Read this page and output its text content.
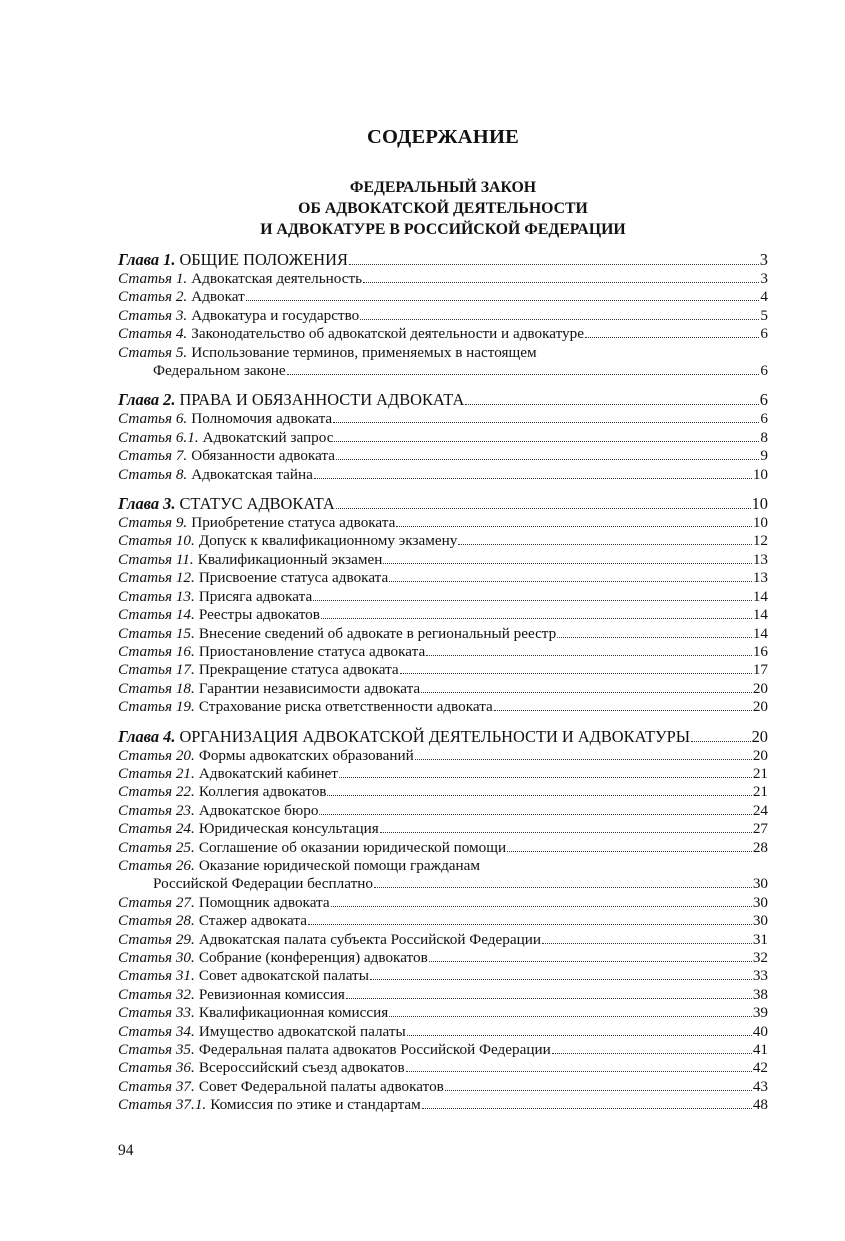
СОДЕРЖАНИЕ
ФЕДЕРАЛЬНЫЙ ЗАКОН
ОБ АДВОКАТСКОЙ ДЕЯТЕЛЬНОСТИ
И АДВОКАТУРЕ В РОССИЙСКОЙ ФЕДЕРАЦИИ
Глава 1. ОБЩИЕ ПОЛОЖЕНИЯ	3
Статья 1. Адвокатская деятельность	3
Статья 2. Адвокат	4
Статья 3. Адвокатура и государство	5
Статья 4. Законодательство об адвокатской деятельности и адвокатуре	6
Статья 5. Использование терминов, применяемых в настоящем
Федеральном законе	6
Глава 2. ПРАВА И ОБЯЗАННОСТИ АДВОКАТА	6
Статья 6. Полномочия адвоката	6
Статья 6.1. Адвокатский запрос	8
Статья 7. Обязанности адвоката	9
Статья 8. Адвокатская тайна	10
Глава 3. СТАТУС АДВОКАТА	10
Статья 9. Приобретение статуса адвоката	10
Статья 10. Допуск к квалификационному экзамену	12
Статья 11. Квалификационный экзамен	13
Статья 12. Присвоение статуса адвоката	13
Статья 13. Присяга адвоката	14
Статья 14. Реестры адвокатов	14
Статья 15. Внесение сведений об адвокате в региональный реестр	14
Статья 16. Приостановление статуса адвоката	16
Статья 17. Прекращение статуса адвоката	17
Статья 18. Гарантии независимости адвоката	20
Статья 19. Страхование риска ответственности адвоката	20
Глава 4. ОРГАНИЗАЦИЯ АДВОКАТСКОЙ ДЕЯТЕЛЬНОСТИ И АДВОКАТУРЫ	20
Статья 20. Формы адвокатских образований	20
Статья 21. Адвокатский кабинет	21
Статья 22. Коллегия адвокатов	21
Статья 23. Адвокатское бюро	24
Статья 24. Юридическая консультация	27
Статья 25. Соглашение об оказании юридической помощи	28
Статья 26. Оказание юридической помощи гражданам
Российской Федерации бесплатно	30
Статья 27. Помощник адвоката	30
Статья 28. Стажер адвоката	30
Статья 29. Адвокатская палата субъекта Российской Федерации	31
Статья 30. Собрание (конференция) адвокатов	32
Статья 31. Совет адвокатской палаты	33
Статья 32. Ревизионная комиссия	38
Статья 33. Квалификационная комиссия	39
Статья 34. Имущество адвокатской палаты	40
Статья 35. Федеральная палата адвокатов Российской Федерации	41
Статья 36. Всероссийский съезд адвокатов	42
Статья 37. Совет Федеральной палаты адвокатов	43
Статья 37.1. Комиссия по этике и стандартам	48
94
